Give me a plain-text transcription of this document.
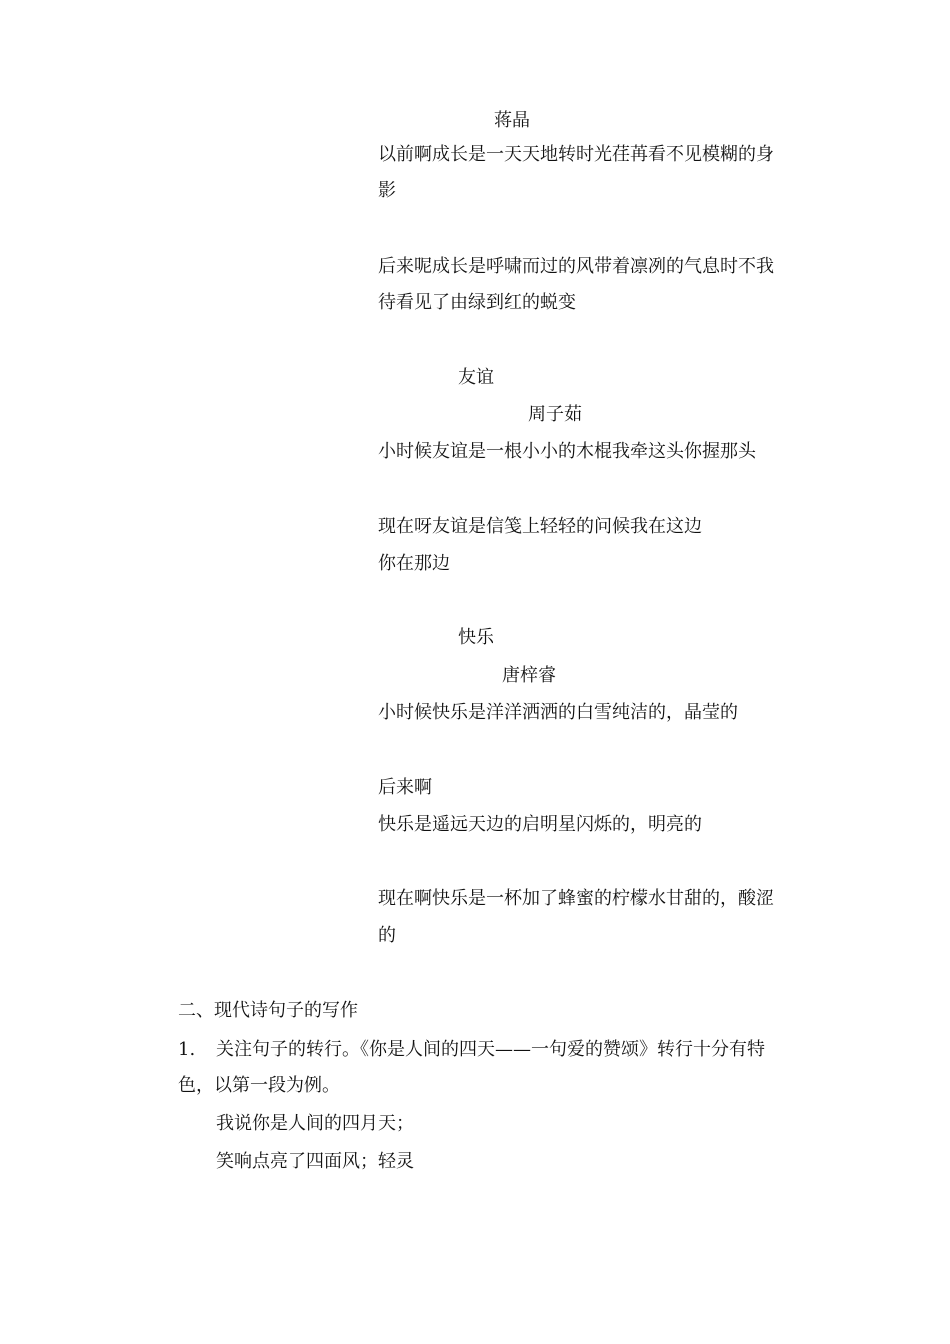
蒋晶
以前啊成长是一天天地转时光荏苒看不见模糊的身
影
后来呢成长是呼啸而过的风带着凛冽的气息时不我
待看见了由绿到红的蜕变
友谊
周子茹
小时候友谊是一根小小的木棍我牵这头你握那头
现在呀友谊是信笺上轻轻的问候我在这边
你在那边
快乐
唐梓睿
小时候快乐是洋洋洒洒的白雪纯洁的，晶莹的
后来啊
快乐是遥远天边的启明星闪烁的，明亮的
现在啊快乐是一杯加了蜂蜜的柠檬水甘甜的，酸涩
的
二、现代诗句子的写作
1. 关注句子的转行。《你是人间的四天——一句爱的赞颂》转行十分有特
色，以第一段为例。
我说你是人间的四月天；
笑响点亮了四面风；轻灵
